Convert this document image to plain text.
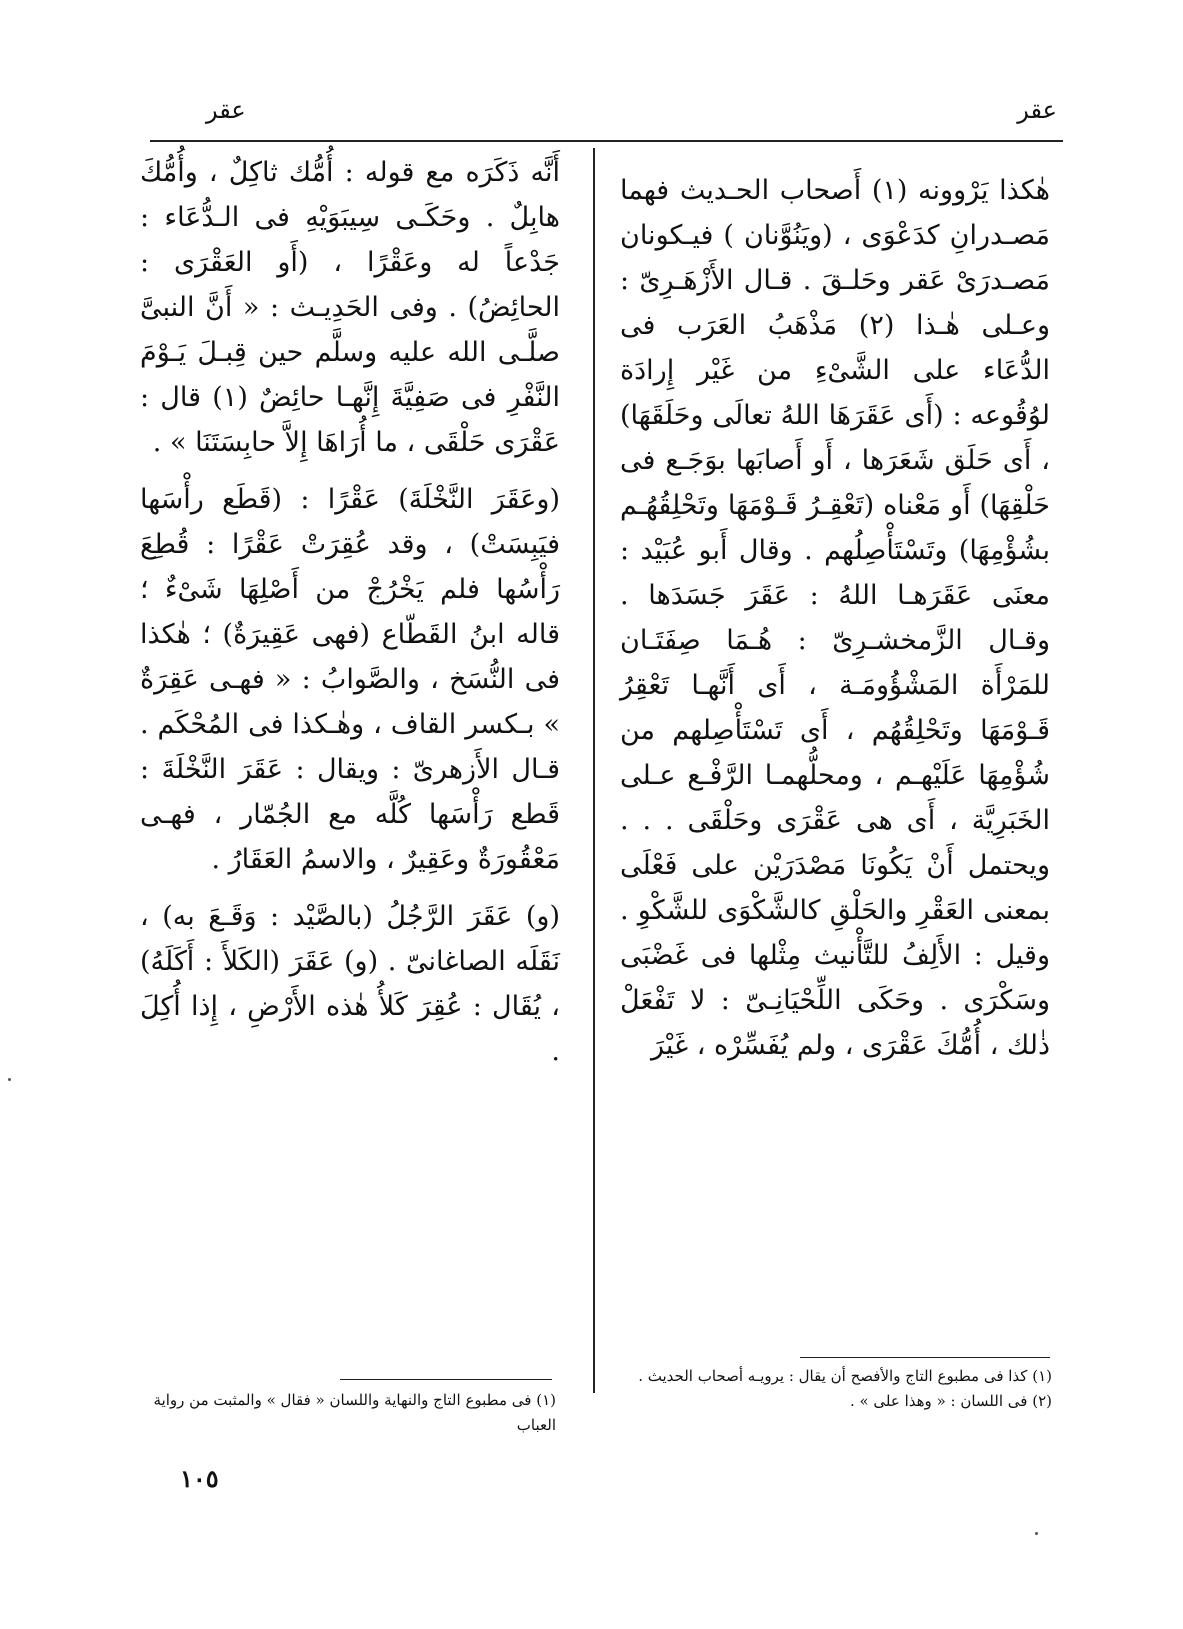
عقر
عقر

هٰكذا يَرْوونه (١) أَصحاب الحـديث فهما مَصـدرانِ كدَعْوَى ، (ويَنُوَّنان ) فيـكونان مَصـدرَىْ عَقر وحَلـقَ . قـال الأَزْهَـرِىّ : وعـلى هٰـذا (٢) مَذْهَبُ العَرَب فى الدُّعَاء على الشَّىْءِ من غَيْر إِرادَة لوُقُوعه : (أَى عَقَرَهَا اللهُ تعالَى وحَلَقَهَا) ، أَى حَلَق شَعَرَها ، أَو أَصابَها بوَجَـع فى حَلْقِهَا) أَو مَعْناه (تَعْقِـرُ قَـوْمَهَا وتَحْلِقُهُـم بشُؤْمِهَا) وتَسْتَأْصِلُهم . وقال أَبو عُبَيْد : معنَى عَقَرَهـا اللهُ : عَقَرَ جَسَدَها . وقـال الزَّمخشـرِىّ : هُـمَا صِفَتَـان للمَرْأَة المَشْؤُومَـة ، أَى أَنَّهـا تَعْقِرُ قَـوْمَهَا وتَحْلِقُهُم ، أَى تَسْتَأْصِلهم من شُؤْمِهَا عَلَيْهـم ، ومحلُّهمـا الرَّفْـع عـلى الخَبَرِيَّة ، أَى هى عَقْرَى وحَلْقَى . . . ويحتمل أَنْ يَكُونَا مَصْدَرَيْن على فَعْلَى بمعنى العَقْرِ والحَلْقِ كالشَّكْوَى للشَّكْوِ . وقيل : الأَلِفُ للتَّأْنيث مِثْلها فى غَضْبَى وسَكْرَى . وحَكَى اللِّحْيَانِـىّ : لا تَفْعَلْ ذٰلك ، أُمُّكَ عَقْرَى ، ولم يُفَسِّرْه ، غَيْرَ

أَنَّه ذَكَرَه مع قوله : أُمُّك ثاكِلٌ ، وأُمُّكَ هابِلٌ . وحَكَـى سِيبَوَيْهِ فى الـدُّعَاء : جَدْعاً له وعَقْرًا ، (أَو العَقْرَى : الحائِضُ) . وفى الحَدِيـث : « أَنَّ النبىَّ صلَّـى الله عليه وسلَّم حين قِبـلَ يَـوْمَ النَّفْرِ فى صَفِيَّةَ إِنَّهـا حائِضٌ (١) قال : عَقْرَى حَلْقَى ، ما أُرَاهَا إِلاَّ حابِسَتَنَا » .

(وعَقَرَ النَّخْلَةَ) عَقْرًا : (قَطَع رأْسَها فيَبِسَتْ) ، وقد عُقِرَتْ عَقْرًا : قُطِعَ رَأْسُها فلم يَخْرُجْ من أَصْلِهَا شَىْءٌ ؛ قاله ابنُ القَطّاع (فهى عَقِيرَةٌ) ؛ هٰكذا فى النُّسَخ ، والصَّوابُ : « فهـى عَقِرَةٌ » بـكسر القاف ، وهٰـكذا فى المُحْكَم . قـال الأَزهرىّ : ويقال : عَقَرَ النَّخْلَةَ : قَطع رَأْسَها كُلَّه مع الجُمّار ، فهـى مَعْقُورَةٌ وعَقِيرٌ ، والاسمُ العَقَارُ .

(و) عَقَرَ الرَّجُلُ (بالصَّيْد : وَقَـعَ به) ، نَقَلَه الصاغانىّ . (و) عَقَرَ (الكَلأَ : أَكَلَهُ) ، يُقَال : عُقِرَ كَلأُ هٰذه الأَرْضِ ، إِذا أُكِلَ .

(١) كذا فى مطبوع التاج والأفصح أن يقال : يرويـه أصحاب الحديث .

(٢) فى اللسان : « وهذا على » .

(١) فى مطبوع التاج والنهاية واللسان « فقال » والمثبت من رواية العباب

١٠٥
